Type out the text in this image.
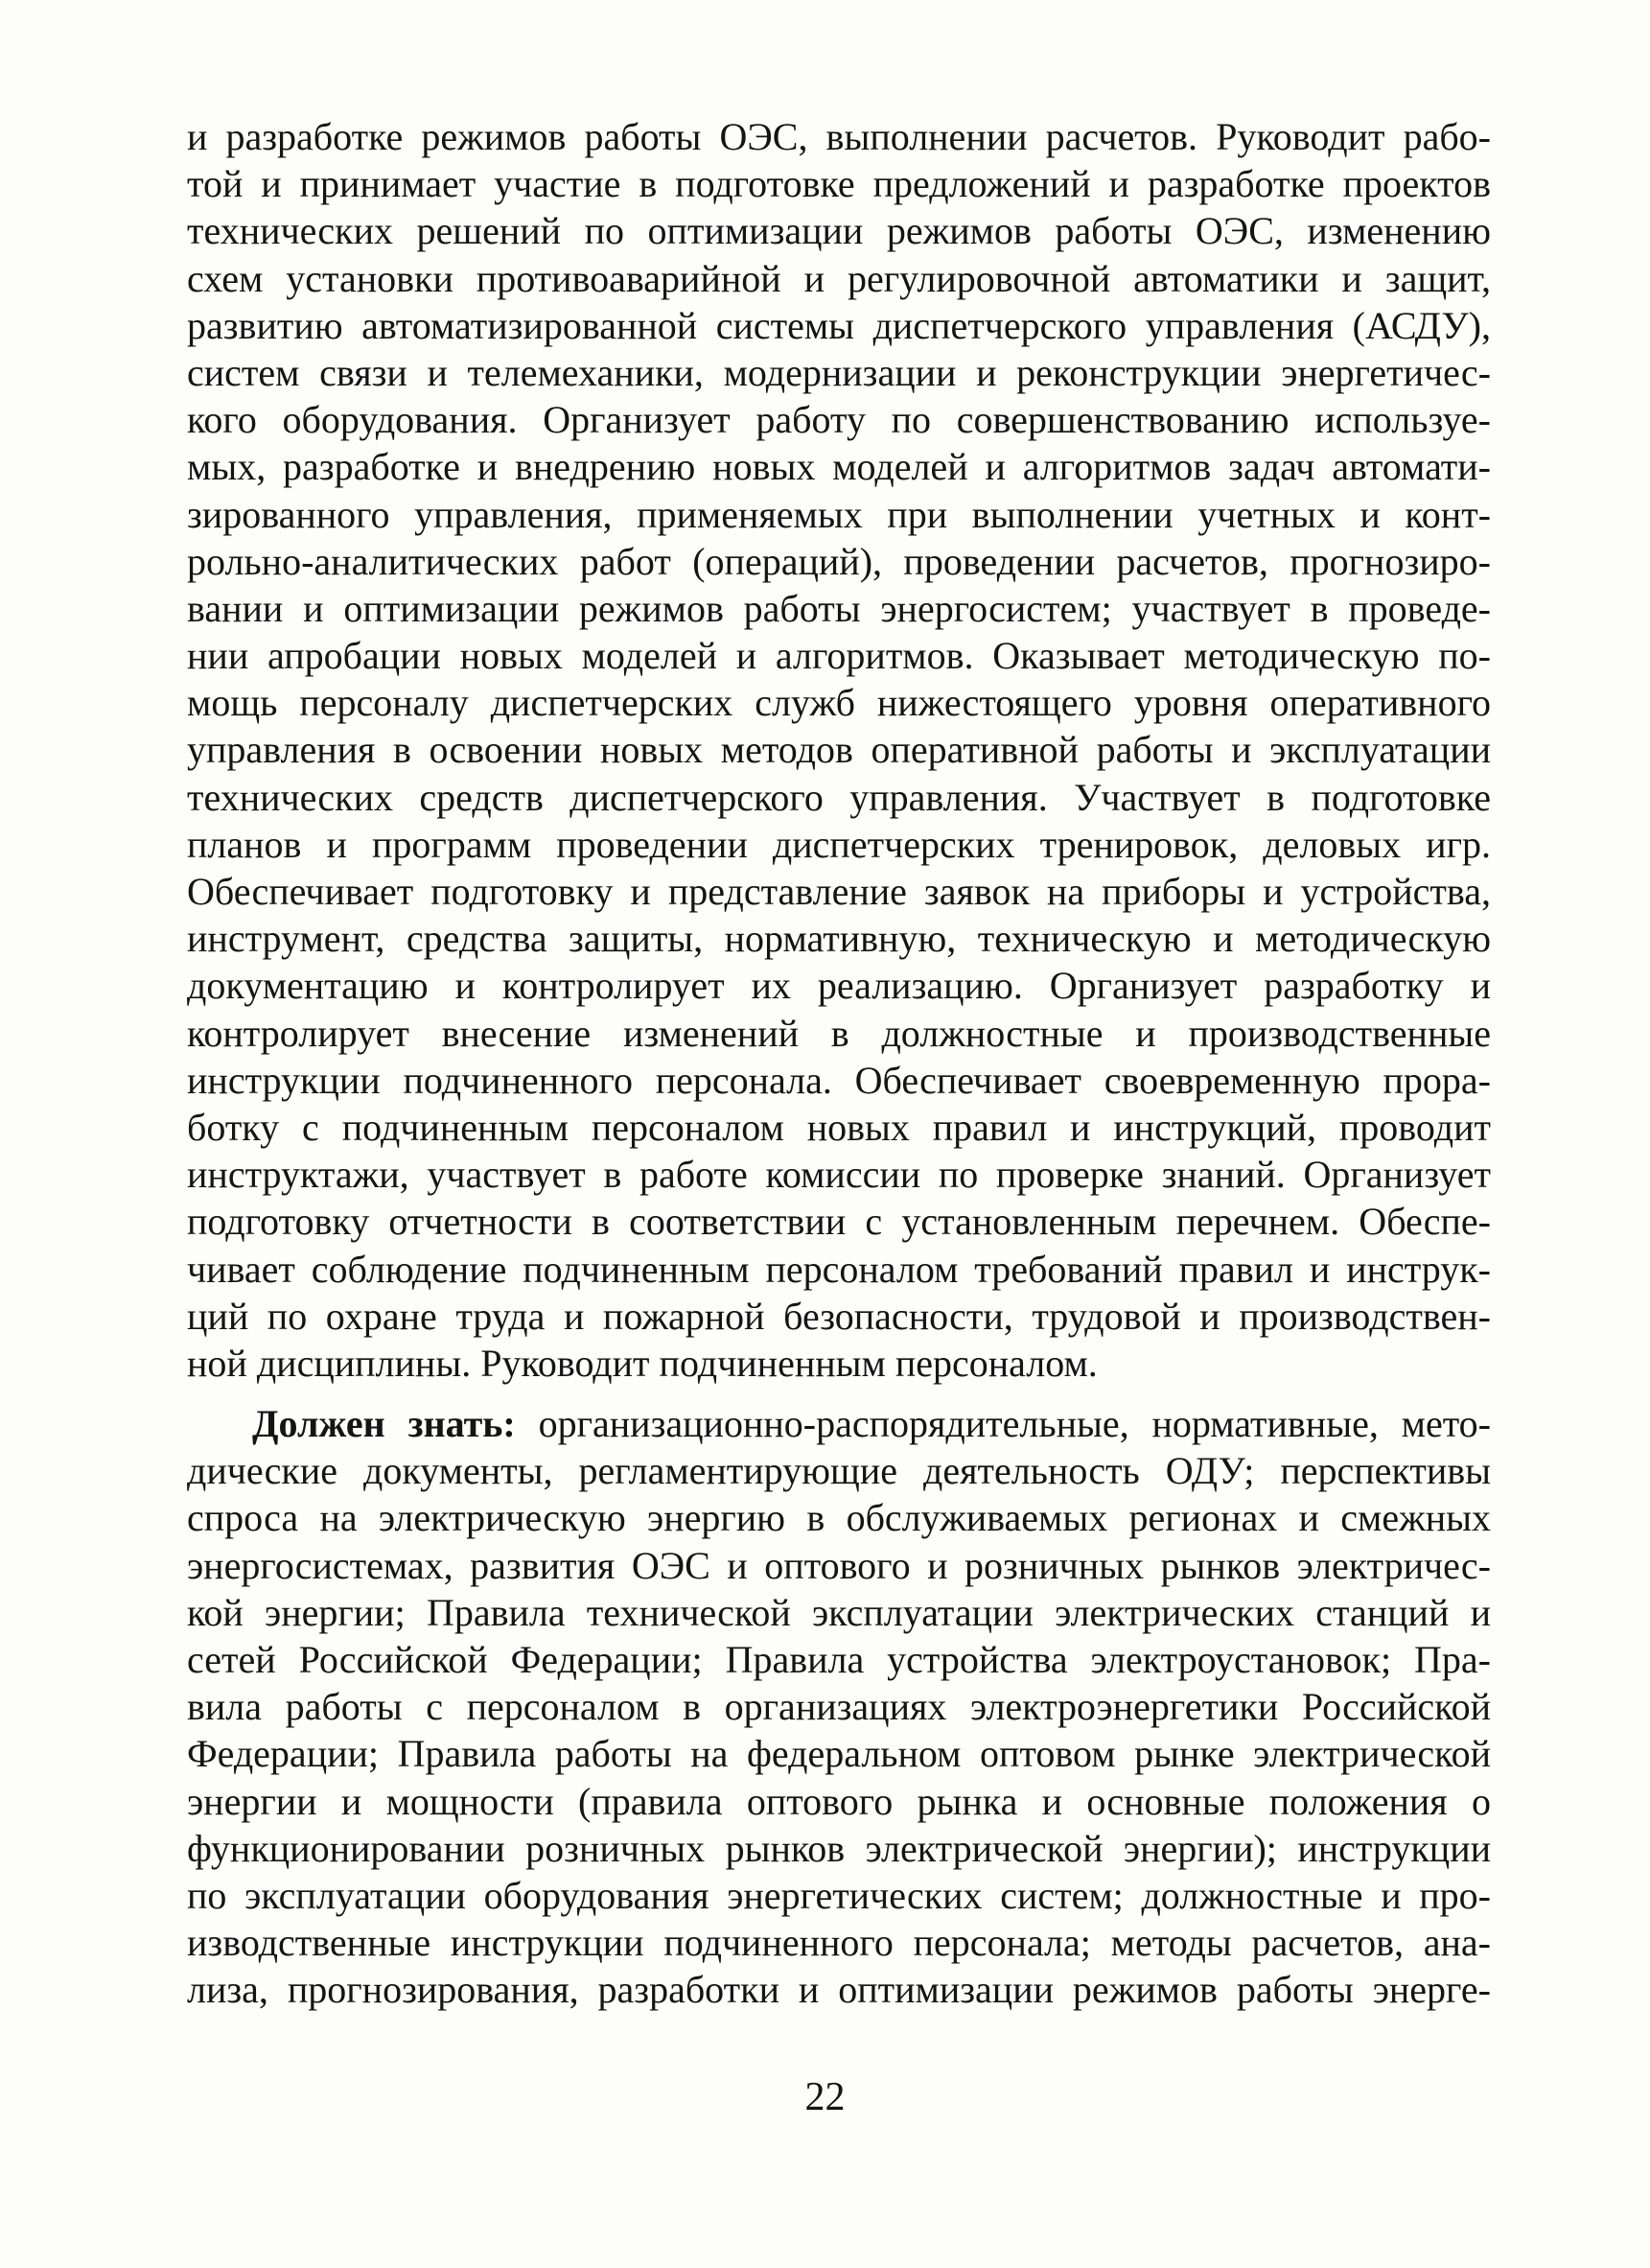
и разработке режимов работы ОЭС, выполнении расчетов. Руководит рабо-
той и принимает участие в подготовке предложений и разработке проектов
технических решений по оптимизации режимов работы ОЭС, изменению
схем установки противоаварийной и регулировочной автоматики и защит,
развитию автоматизированной системы диспетчерского управления (АСДУ),
систем связи и телемеханики, модернизации и реконструкции энергетичес-
кого оборудования. Организует работу по совершенствованию используе-
мых, разработке и внедрению новых моделей и алгоритмов задач автомати-
зированного управления, применяемых при выполнении учетных и конт-
рольно-аналитических работ (операций), проведении расчетов, прогнозиро-
вании и оптимизации режимов работы энергосистем; участвует в проведе-
нии апробации новых моделей и алгоритмов. Оказывает методическую по-
мощь персоналу диспетчерских служб нижестоящего уровня оперативного
управления в освоении новых методов оперативной работы и эксплуатации
технических средств диспетчерского управления. Участвует в подготовке
планов и программ проведении диспетчерских тренировок, деловых игр.
Обеспечивает подготовку и представление заявок на приборы и устройства,
инструмент, средства защиты, нормативную, техническую и методическую
документацию и контролирует их реализацию. Организует разработку и
контролирует внесение изменений в должностные и производственные
инструкции подчиненного персонала. Обеспечивает своевременную прора-
ботку с подчиненным персоналом новых правил и инструкций, проводит
инструктажи, участвует в работе комиссии по проверке знаний. Организует
подготовку отчетности в соответствии с установленным перечнем. Обеспе-
чивает соблюдение подчиненным персоналом требований правил и инструк-
ций по охране труда и пожарной безопасности, трудовой и производствен-
ной дисциплины. Руководит подчиненным персоналом.
Должен знать: организационно-распорядительные, нормативные, мето-
дические документы, регламентирующие деятельность ОДУ; перспективы
спроса на электрическую энергию в обслуживаемых регионах и смежных
энергосистемах, развития ОЭС и оптового и розничных рынков электричес-
кой энергии; Правила технической эксплуатации электрических станций и
сетей Российской Федерации; Правила устройства электроустановок; Пра-
вила работы с персоналом в организациях электроэнергетики Российской
Федерации; Правила работы на федеральном оптовом рынке электрической
энергии и мощности (правила оптового рынка и основные положения о
функционировании розничных рынков электрической энергии); инструкции
по эксплуатации оборудования энергетических систем; должностные и про-
изводственные инструкции подчиненного персонала; методы расчетов, ана-
лиза, прогнозирования, разработки и оптимизации режимов работы энерге-
22
